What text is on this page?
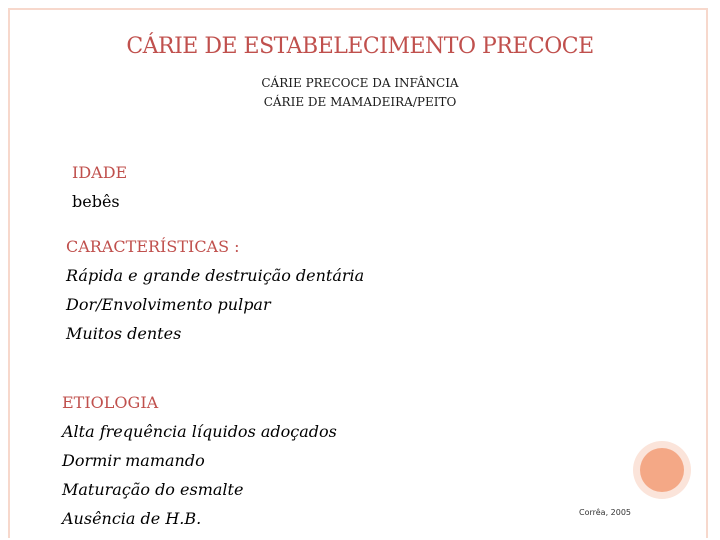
CÁRIE DE ESTABELECIMENTO PRECOCE
CÁRIE PRECOCE DA INFÂNCIA
CÁRIE DE MAMADEIRA/PEITO
IDADE
bebês
CARACTERÍSTICAS :
Rápida e grande destruição dentária
Dor/Envolvimento pulpar
Muitos dentes
ETIOLOGIA
Alta frequência líquidos adoçados
Dormir mamando
Maturação do esmalte
Ausência de H.B.	Corrêa, 2005
